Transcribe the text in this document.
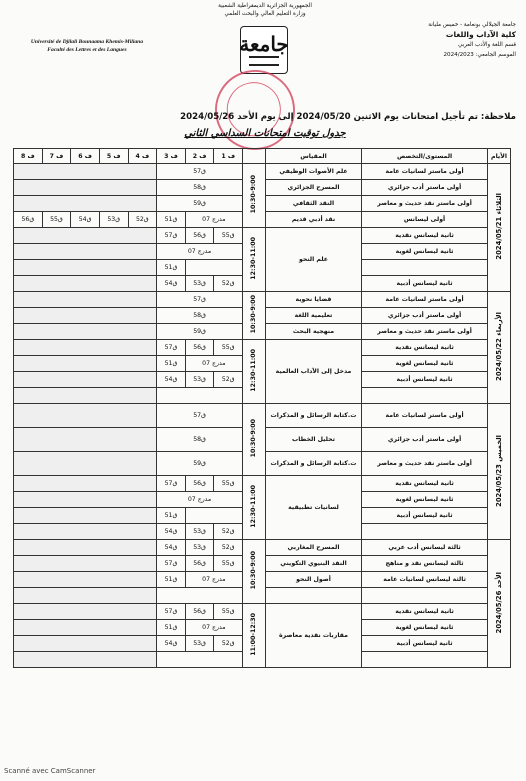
الجمهورية الجزائرية الديمقراطية الشعبية
وزارة التعليم العالي والبحث العلمي
Université de Djilali Bounaama Khemis-Miliana
Faculté des Lettres et des Langues	جامعة
جامعة الجيلالي بونعامة - خميس مليانة
كلية الآداب واللغات
قسم اللغة والأدب العربي
الموسم الجامعي: 2024/2023
ملاحظة: تم تأجيل امتحانات يوم الاثنين 2024/05/20 إلى يوم الأحد 2024/05/26
جدول توقيت امتحانات السداسي الثاني
ف 8	ف 7	ف 6	ف 5	ف 4	ف 3	ف 2	ف 1		المقياس	المستوى/التخصص	الأيام
					ق57			10:30-9:00	علم الأصوات الوظيفي	أولى ماستر لسانيات عامة	الثلاثاء 2024/05/21
					ق58				المسرح الجزائري	أولى ماستر أدب جزائري	
					ق59				النقد الثقافي	أولى ماستر نقد حديث و معاصر	
ق56	ق55	ق54	ق53	ق52	ق51	مدرج 07			نقد أدبي قديم	أولى ليسانس	
					ق57	ق56	ق55	12:30-11:00	علم النحو	ثانية ليسانس نقدية	
					مدرج 07					ثانية ليسانس لغوية	
					ق51						
					ق54	ق53	ق52			ثانية ليسانس أدبية	
					ق57			10:30-9:00	قضايا نحوية	أولى ماستر لسانيات عامة	الأربعاء 2024/05/22
					ق58				تعليمية اللغة	أولى ماستر أدب جزائري	
					ق59				منهجية البحث	أولى ماستر نقد حديث و معاصر	
					ق57	ق56	ق55	12:30-11:00	مدخل إلى الآداب العالمية	ثانية ليسانس نقدية	
					ق51	مدرج 07				ثانية ليسانس لغوية	
					ق54	ق53	ق52			ثانية ليسانس أدبية	

					ق57			10:30-9:00	ت.كتابة الرسائل و المذكرات	أولى ماستر لسانيات عامة	الخميس 2024/05/23
					ق58				تحليل الخطاب	أولى ماستر أدب جزائري	
					ق59				ت.كتابة الرسائل و المذكرات	أولى ماستر نقد حديث و معاصر	
					ق57	ق56	ق55	12:30-11:00	لسانيات تطبيقية	ثانية ليسانس نقدية	
					مدرج 07					ثانية ليسانس لغوية	
					ق51					ثانية ليسانس أدبية	
					ق54	ق53	ق52				
					ق54	ق53	ق52	10:30-9:00	المسرح المغاربي	ثالثة ليسانس أدب عربي	الأحد 2024/05/26
					ق57	ق56	ق55		النقد البنيوي التكويني	ثالثة ليسانس نقد و مناهج	
					ق51	مدرج 07			أصول النحو	ثالثة ليسانس لسانيات عامة	

					ق57	ق56	ق55	11:00-12:30	مقاربات نقدية معاصرة	ثانية ليسانس نقدية	
					ق51	مدرج 07				ثانية ليسانس لغوية	
					ق54	ق53	ق52			ثانية ليسانس أدبية	

Scanné avec CamScanner
